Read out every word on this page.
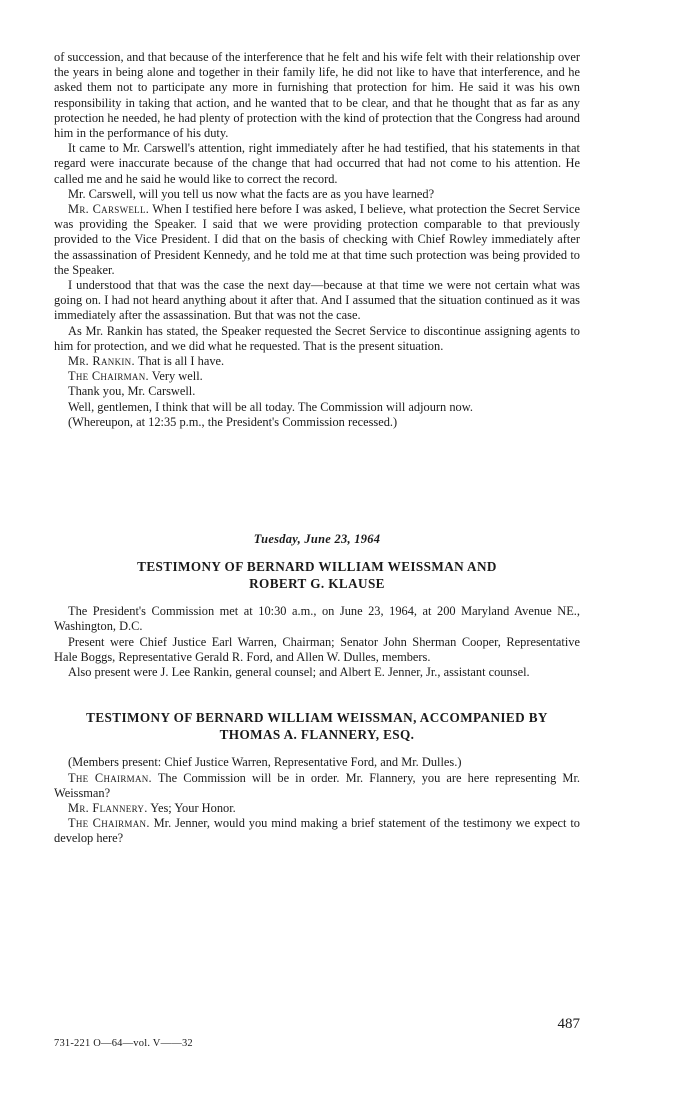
of succession, and that because of the interference that he felt and his wife felt with their relationship over the years in being alone and together in their family life, he did not like to have that interference, and he asked them not to participate any more in furnishing that protection for him. He said it was his own responsibility in taking that action, and he wanted that to be clear, and that he thought that as far as any protection he needed, he had plenty of protection with the kind of protection that the Congress had around him in the performance of his duty.

It came to Mr. Carswell's attention, right immediately after he had testified, that his statements in that regard were inaccurate because of the change that had occurred that had not come to his attention. He called me and he said he would like to correct the record.

Mr. Carswell, will you tell us now what the facts are as you have learned?

Mr. Carswell. When I testified here before I was asked, I believe, what protection the Secret Service was providing the Speaker. I said that we were providing protection comparable to that previously provided to the Vice President. I did that on the basis of checking with Chief Rowley immediately after the assassination of President Kennedy, and he told me at that time such protection was being provided to the Speaker.

I understood that that was the case the next day—because at that time we were not certain what was going on. I had not heard anything about it after that. And I assumed that the situation continued as it was immediately after the assassination. But that was not the case.

As Mr. Rankin has stated, the Speaker requested the Secret Service to discontinue assigning agents to him for protection, and we did what he requested. That is the present situation.

Mr. Rankin. That is all I have.

The Chairman. Very well.

Thank you, Mr. Carswell.

Well, gentlemen, I think that will be all today. The Commission will adjourn now.

(Whereupon, at 12:35 p.m., the President's Commission recessed.)

Tuesday, June 23, 1964

TESTIMONY OF BERNARD WILLIAM WEISSMAN AND
ROBERT G. KLAUSE

The President's Commission met at 10:30 a.m., on June 23, 1964, at 200 Maryland Avenue NE., Washington, D.C.

Present were Chief Justice Earl Warren, Chairman; Senator John Sherman Cooper, Representative Hale Boggs, Representative Gerald R. Ford, and Allen W. Dulles, members.

Also present were J. Lee Rankin, general counsel; and Albert E. Jenner, Jr., assistant counsel.

TESTIMONY OF BERNARD WILLIAM WEISSMAN, ACCOMPANIED BY
THOMAS A. FLANNERY, ESQ.

(Members present: Chief Justice Warren, Representative Ford, and Mr. Dulles.)

The Chairman. The Commission will be in order. Mr. Flannery, you are here representing Mr. Weissman?

Mr. Flannery. Yes; Your Honor.

The Chairman. Mr. Jenner, would you mind making a brief statement of the testimony we expect to develop here?

487
731-221 O—64—vol. V——32
